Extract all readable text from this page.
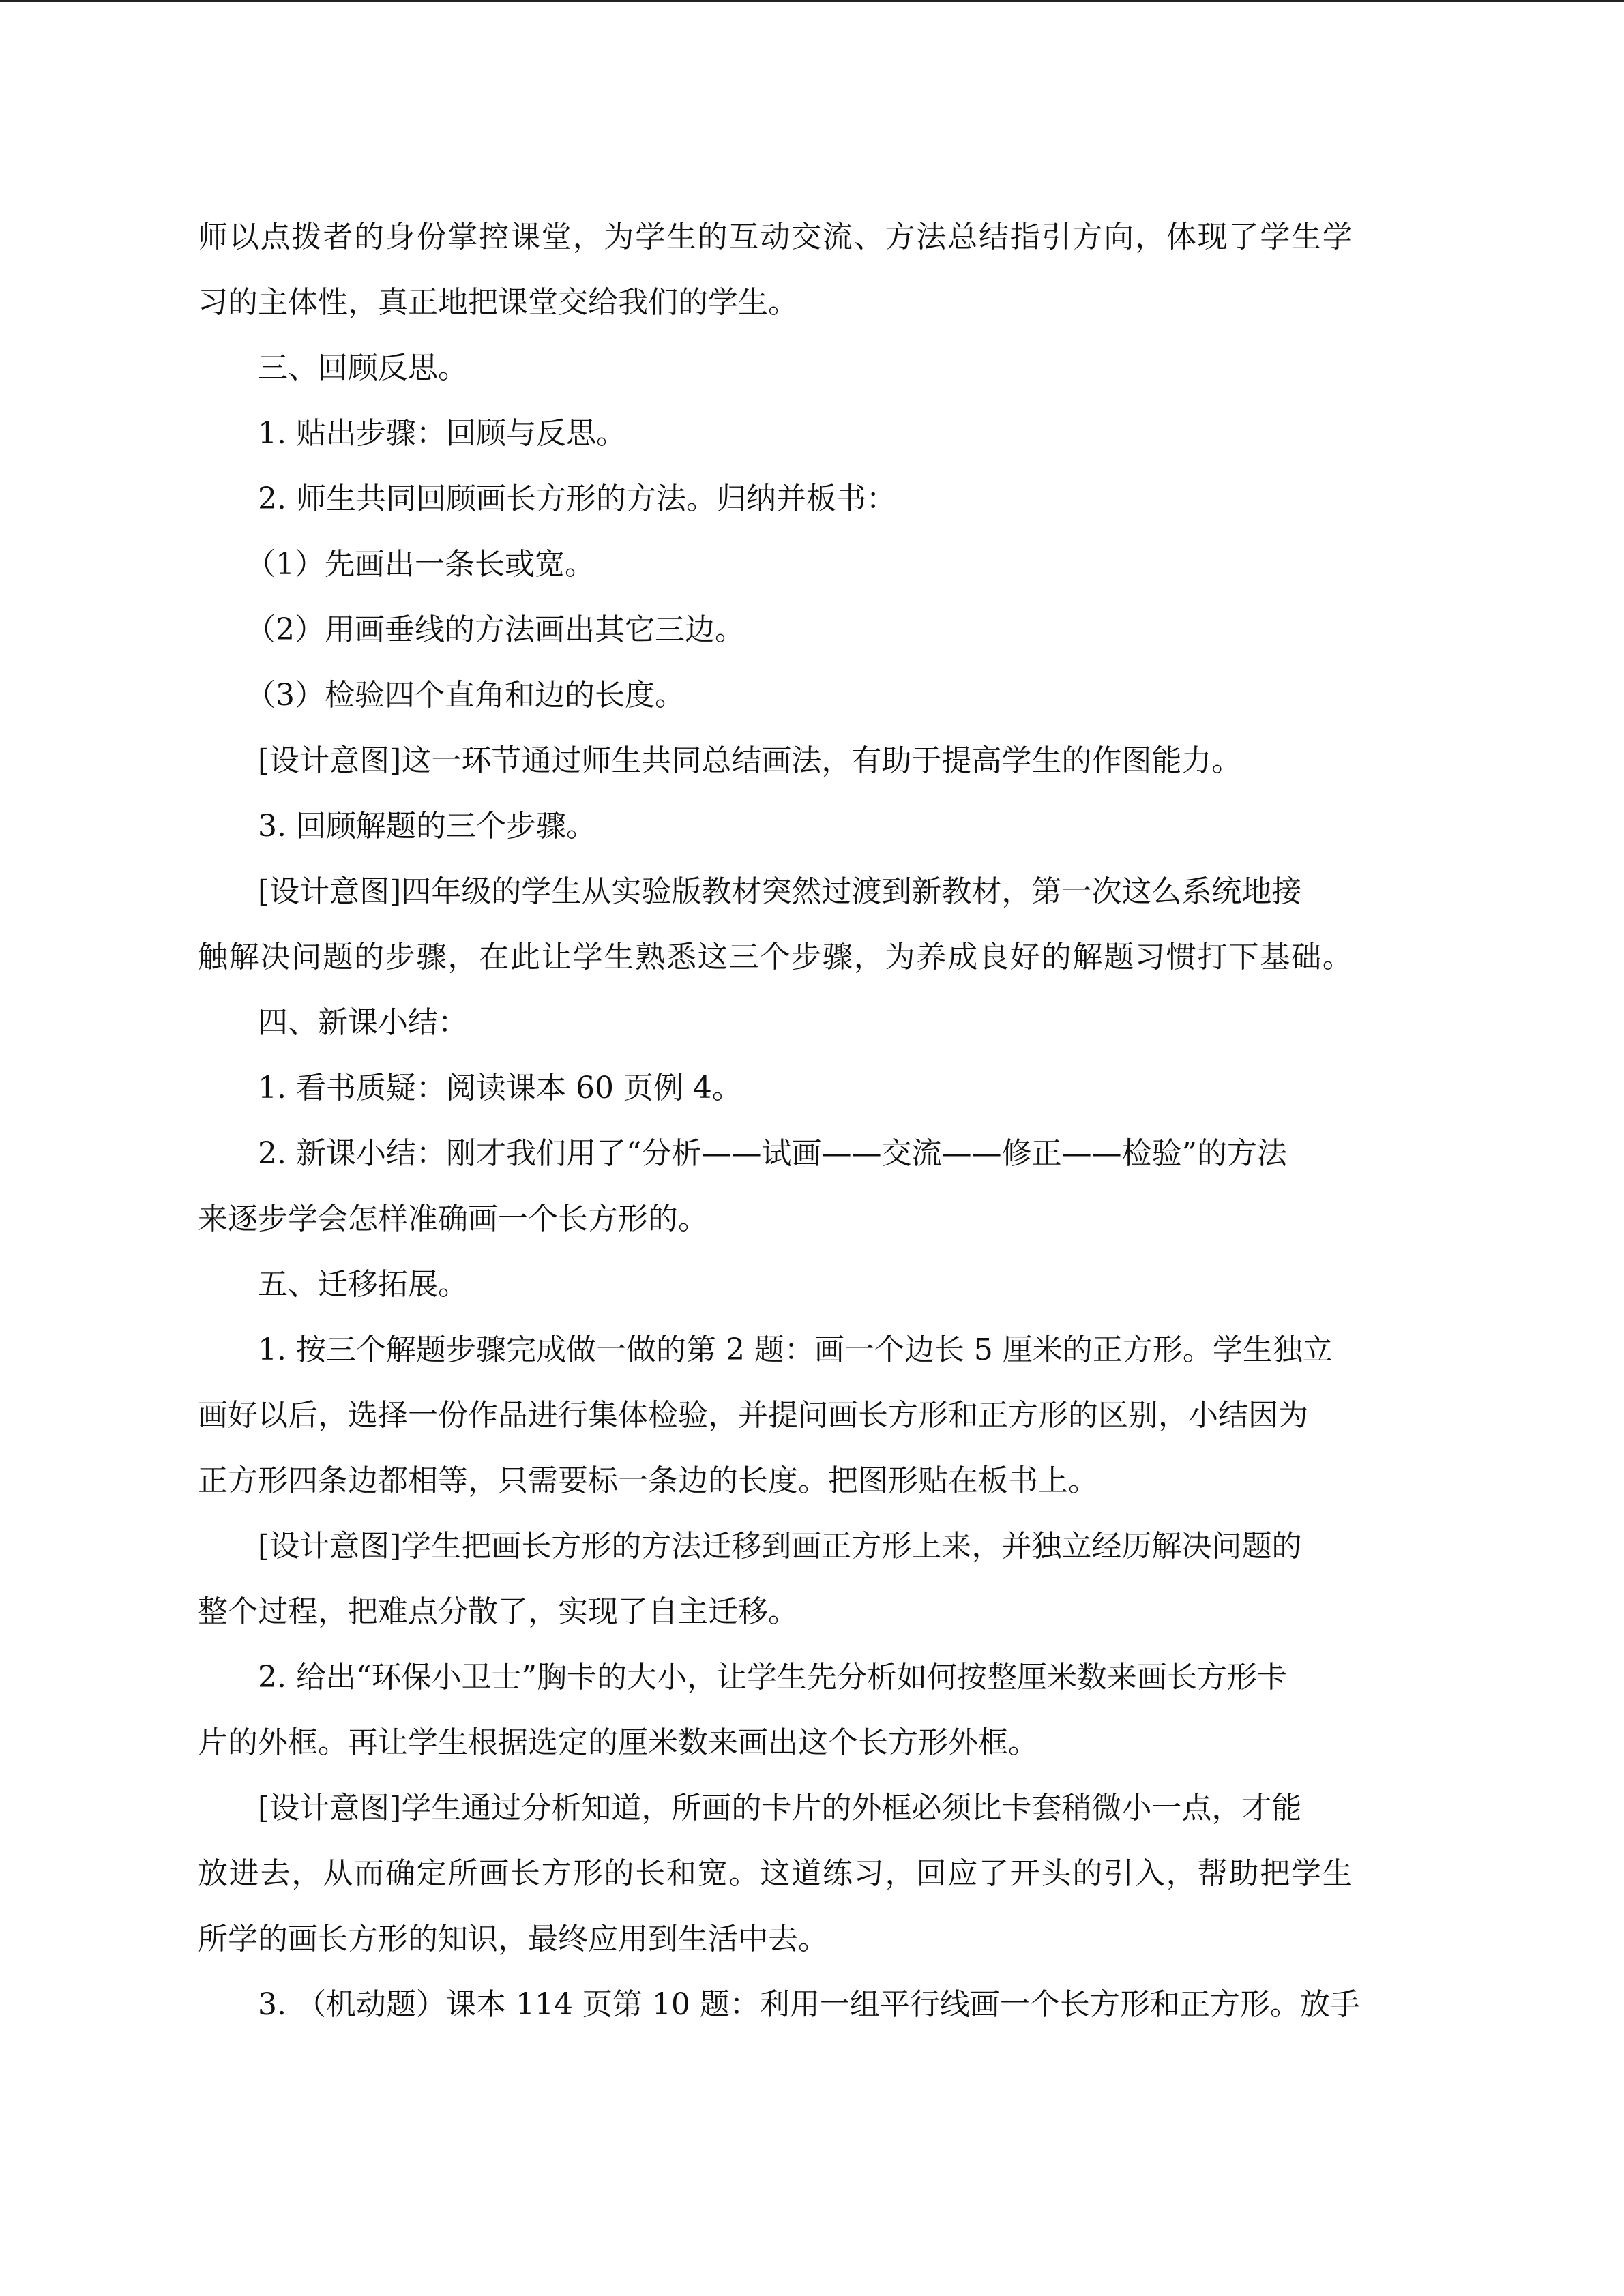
师以点拨者的身份掌控课堂，为学生的互动交流、方法总结指引方向，体现了学生学
习的主体性，真正地把课堂交给我们的学生。
三、回顾反思。
1. 贴出步骤：回顾与反思。
2. 师生共同回顾画长方形的方法。归纳并板书：
（1）先画出一条长或宽。
（2）用画垂线的方法画出其它三边。
（3）检验四个直角和边的长度。
[设计意图]这一环节通过师生共同总结画法，有助于提高学生的作图能力。
3. 回顾解题的三个步骤。
[设计意图]四年级的学生从实验版教材突然过渡到新教材，第一次这么系统地接
触解决问题的步骤，在此让学生熟悉这三个步骤，为养成良好的解题习惯打下基础。
四、新课小结：
1. 看书质疑：阅读课本 60 页例 4。
2. 新课小结：刚才我们用了“分析——试画——交流——修正——检验”的方法
来逐步学会怎样准确画一个长方形的。
五、迁移拓展。
1. 按三个解题步骤完成做一做的第 2 题：画一个边长 5 厘米的正方形。学生独立
画好以后，选择一份作品进行集体检验，并提问画长方形和正方形的区别，小结因为
正方形四条边都相等，只需要标一条边的长度。把图形贴在板书上。
[设计意图]学生把画长方形的方法迁移到画正方形上来，并独立经历解决问题的
整个过程，把难点分散了，实现了自主迁移。
2. 给出“环保小卫士”胸卡的大小，让学生先分析如何按整厘米数来画长方形卡
片的外框。再让学生根据选定的厘米数来画出这个长方形外框。
[设计意图]学生通过分析知道，所画的卡片的外框必须比卡套稍微小一点，才能
放进去，从而确定所画长方形的长和宽。这道练习，回应了开头的引入，帮助把学生
所学的画长方形的知识，最终应用到生活中去。
3. （机动题）课本 114 页第 10 题：利用一组平行线画一个长方形和正方形。放手
